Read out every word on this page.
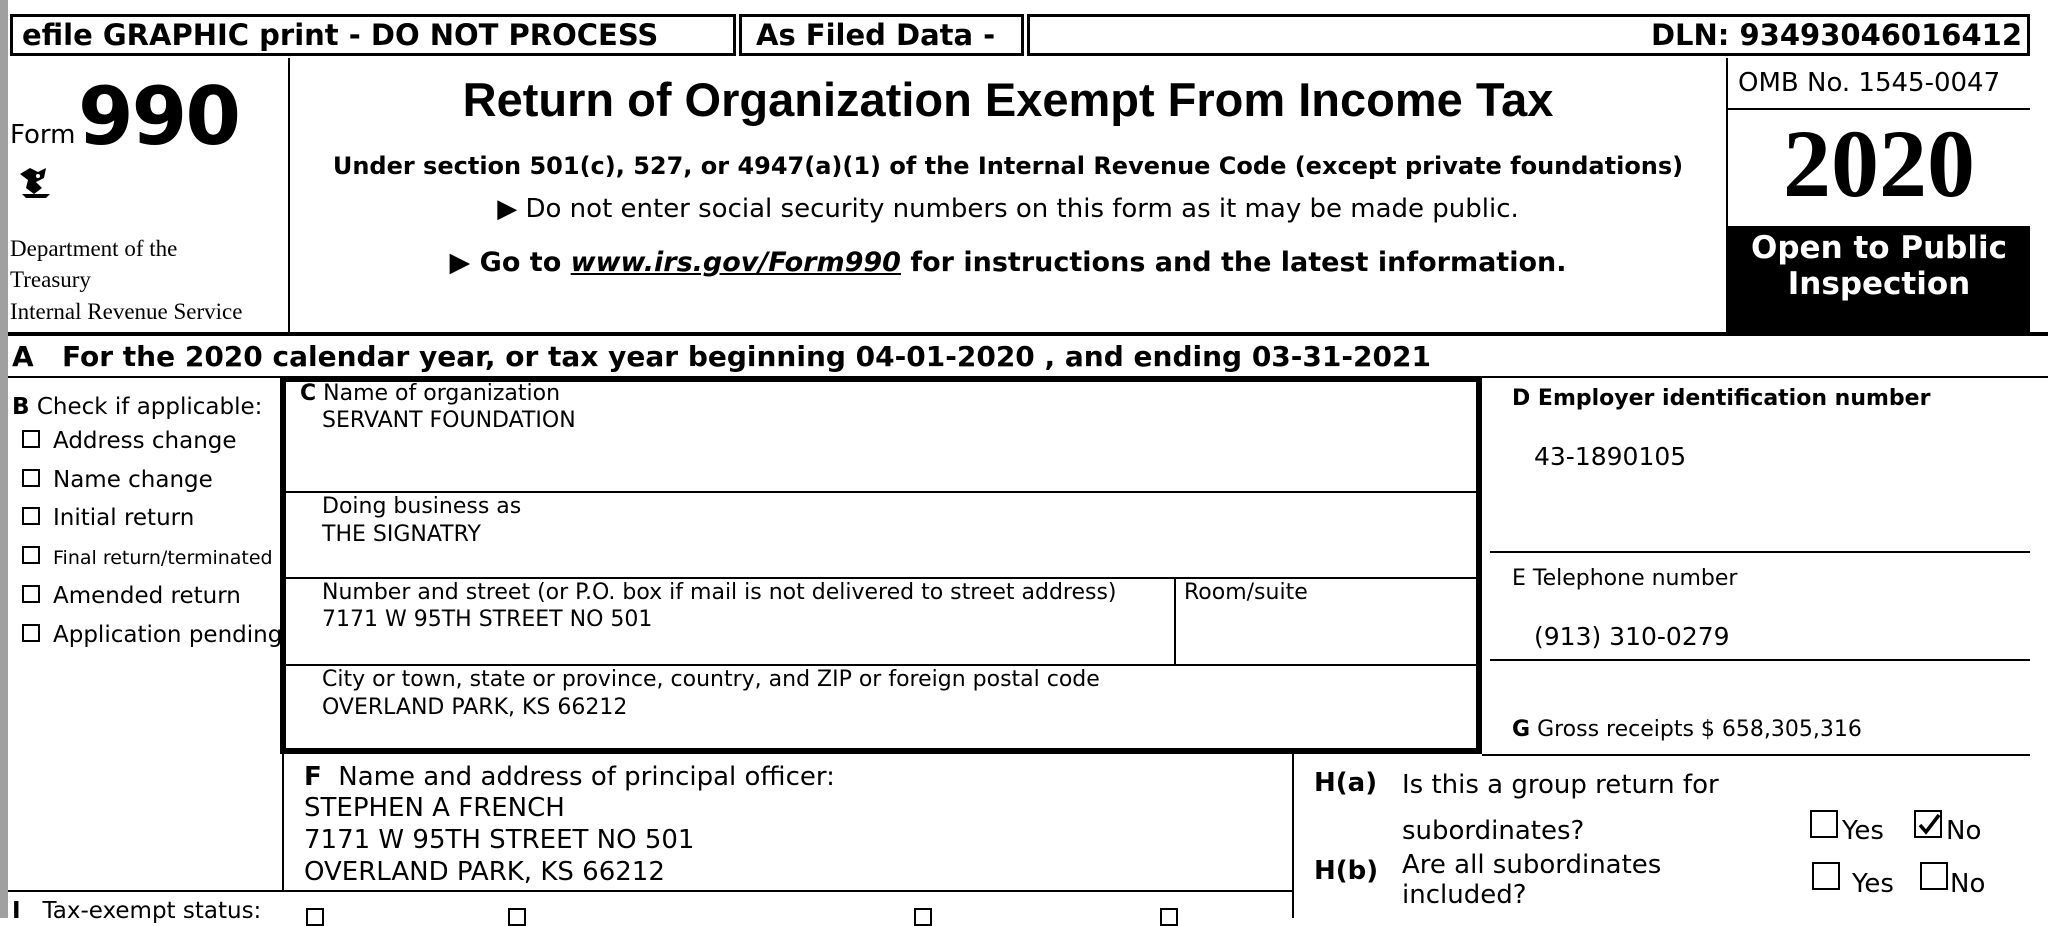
efile GRAPHIC print - DO NOT PROCESS	As Filed Data -	DLN: 93493046016412
Form 990
Department of the
Treasury
Internal Revenue Service
Return of Organization Exempt From Income Tax
Under section 501(c), 527, or 4947(a)(1) of the Internal Revenue Code (except private foundations)
▶ Do not enter social security numbers on this form as it may be made public.
▶ Go to www.irs.gov/Form990 for instructions and the latest information.
OMB No. 1545-0047
2020
Open to Public
Inspection
A For the 2020 calendar year, or tax year beginning 04-01-2020 , and ending 03-31-2021
B Check if applicable:
Address change
Name change
Initial return
Final return/terminated
Amended return
Application pending
C Name of organization
SERVANT FOUNDATION
Doing business as
THE SIGNATRY
Number and street (or P.O. box if mail is not delivered to street address)
7171 W 95TH STREET NO 501
Room/suite
City or town, state or province, country, and ZIP or foreign postal code
OVERLAND PARK, KS 66212
D Employer identification number
43-1890105
E Telephone number
(913) 310-0279
G Gross receipts $ 658,305,316
F Name and address of principal officer:
STEPHEN A FRENCH
7171 W 95TH STREET NO 501
OVERLAND PARK, KS 66212
H(a) Is this a group return for
subordinates?	Yes No
H(b) Are all subordinates
included?	Yes No
I Tax-exempt status:
